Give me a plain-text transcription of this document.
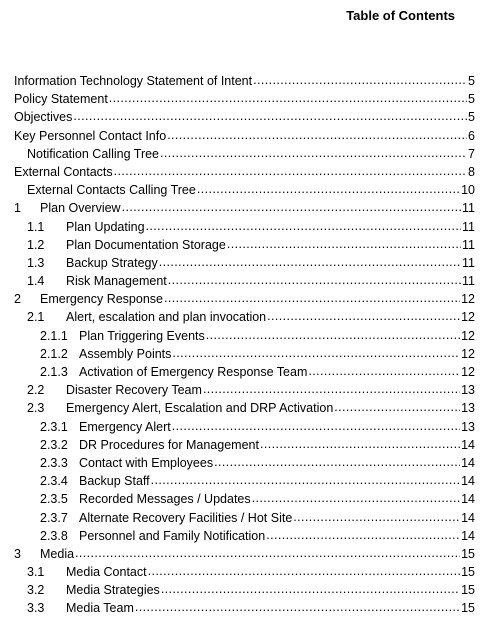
Table of Contents
Information Technology Statement of Intent .....	5
Policy Statement .....	5
Objectives .....	5
Key Personnel Contact Info .....	6
Notification Calling Tree .....	7
External Contacts .....	8
External Contacts Calling Tree .....	10
1	Plan Overview .....	11
1.1	Plan Updating .....	11
1.2	Plan Documentation Storage .....	11
1.3	Backup Strategy .....	11
1.4	Risk Management .....	11
2	Emergency Response .....	12
2.1	Alert, escalation and plan invocation .....	12
2.1.1 Plan Triggering Events .....	12
2.1.2 Assembly Points .....	12
2.1.3 Activation of Emergency Response Team .....	12
2.2	Disaster Recovery Team .....	13
2.3	Emergency Alert, Escalation and DRP Activation .....	13
2.3.1 Emergency Alert .....	13
2.3.2 DR Procedures for Management .....	14
2.3.3 Contact with Employees .....	14
2.3.4 Backup Staff .....	14
2.3.5 Recorded Messages / Updates .....	14
2.3.7 Alternate Recovery Facilities / Hot Site .....	14
2.3.8 Personnel and Family Notification .....	14
3	Media .....	15
3.1	Media Contact .....	15
3.2	Media Strategies .....	15
3.3	Media Team .....	15
